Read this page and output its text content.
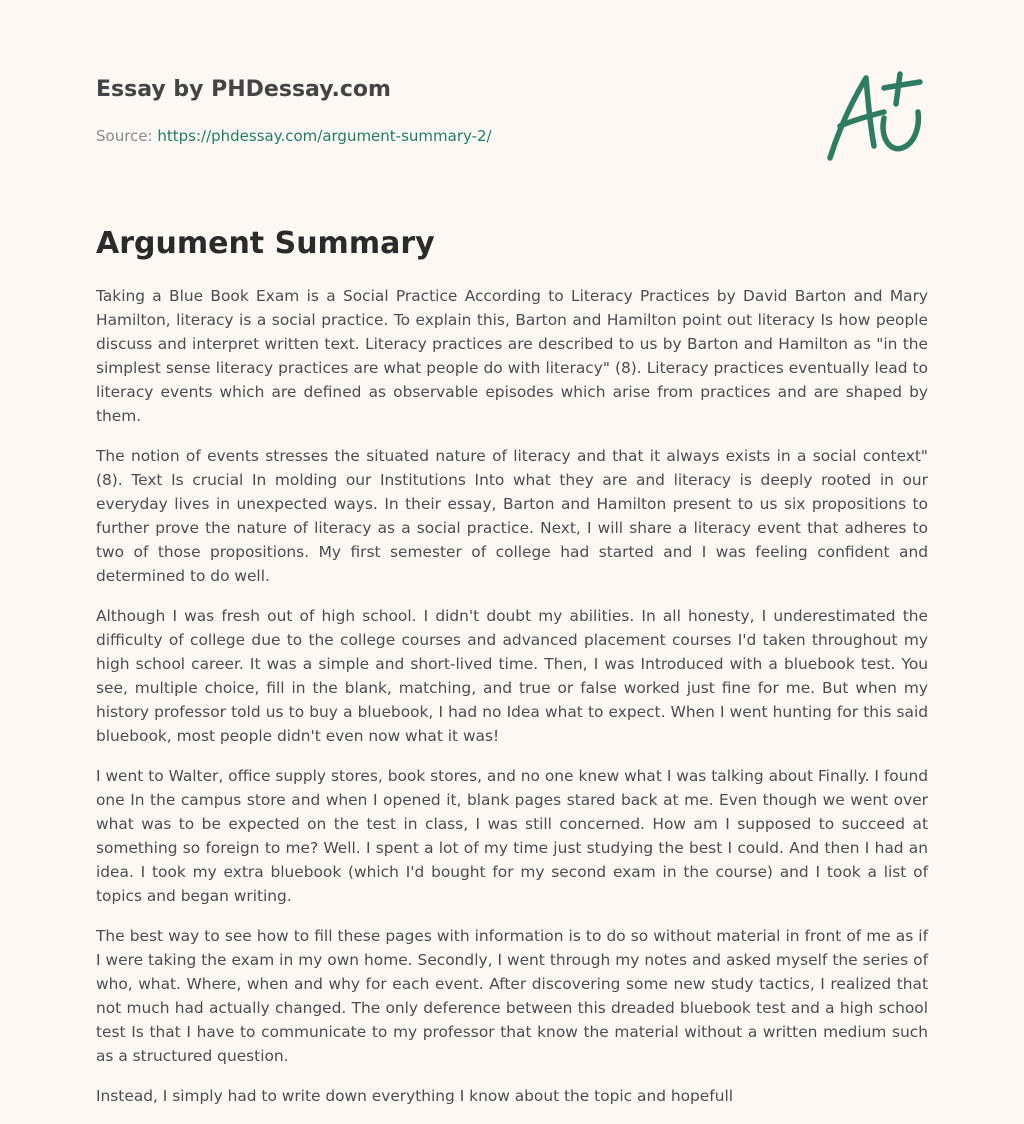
Essay by PHDessay.com
Source: https://phdessay.com/argument-summary-2/
Argument Summary

Taking a Blue Book Exam is a Social Practice According to Literacy Practices by David Barton and Mary Hamilton, literacy is a social practice. To explain this, Barton and Hamilton point out literacy Is how people discuss and interpret written text. Literacy practices are described to us by Barton and Hamilton as "in the simplest sense literacy practices are what people do with literacy" (8). Literacy practices eventually lead to literacy events which are defined as observable episodes which arise from practices and are shaped by them.

The notion of events stresses the situated nature of literacy and that it always exists in a social context" (8). Text Is crucial In molding our Institutions Into what they are and literacy is deeply rooted in our everyday lives in unexpected ways. In their essay, Barton and Hamilton present to us six propositions to further prove the nature of literacy as a social practice. Next, I will share a literacy event that adheres to two of those propositions. My first semester of college had started and I was feeling confident and determined to do well.

Although I was fresh out of high school. I didn't doubt my abilities. In all honesty, I underestimated the difficulty of college due to the college courses and advanced placement courses I'd taken throughout my high school career. It was a simple and short-lived time. Then, I was Introduced with a bluebook test. You see, multiple choice, fill in the blank, matching, and true or false worked just fine for me. But when my history professor told us to buy a bluebook, I had no Idea what to expect. When I went hunting for this said bluebook, most people didn't even now what it was!

I went to Walter, office supply stores, book stores, and no one knew what I was talking about Finally. I found one In the campus store and when I opened it, blank pages stared back at me. Even though we went over what was to be expected on the test in class, I was still concerned. How am I supposed to succeed at something so foreign to me? Well. I spent a lot of my time just studying the best I could. And then I had an idea. I took my extra bluebook (which I'd bought for my second exam in the course) and I took a list of topics and began writing.

The best way to see how to fill these pages with information is to do so without material in front of me as if I were taking the exam in my own home. Secondly, I went through my notes and asked myself the series of who, what. Where, when and why for each event. After discovering some new study tactics, I realized that not much had actually changed. The only deference between this dreaded bluebook test and a high school test Is that I have to communicate to my professor that know the material without a written medium such as a structured question.

Instead, I simply had to write down everything I know about the topic and hopefull
